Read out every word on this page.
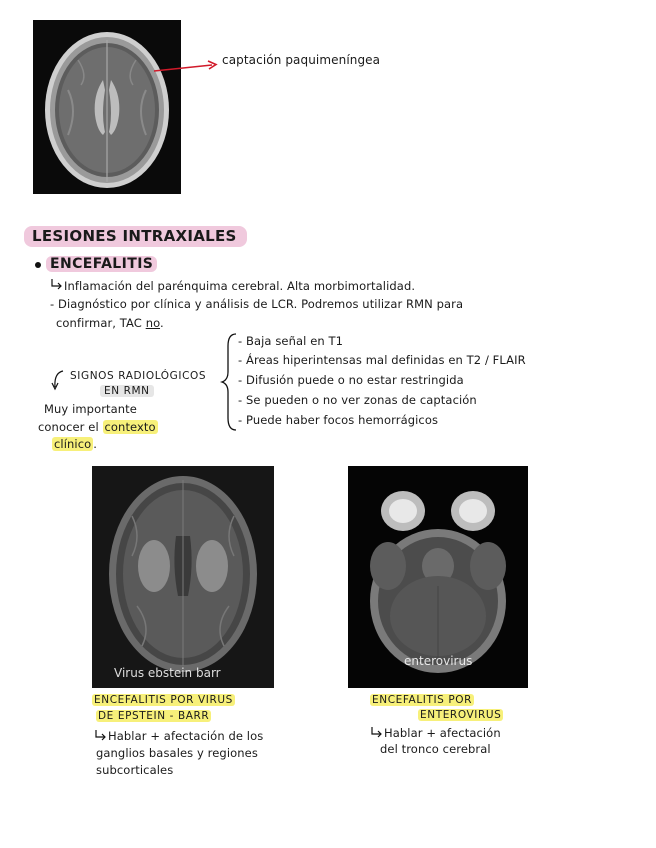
captación paquimeníngea
LESIONES INTRAXIALES
ENCEFALITIS
Inflamación del parénquima cerebral. Alta morbimortalidad.
- Diagnóstico por clínica y análisis de LCR. Podremos utilizar RMN para
confirmar, TAC no.
SIGNOS RADIOLÓGICOS
EN RMN
- Baja señal en T1
- Áreas hiperintensas mal definidas en T2 / FLAIR
- Difusión puede o no estar restringida
- Se pueden o no ver zonas de captación
- Puede haber focos hemorrágicos
Muy importante
conocer el contexto
clínico .
Virus ebstein barr
enterovirus
ENCEFALITIS POR VIRUS
DE EPSTEIN - BARR
Hablar + afectación de los
ganglios basales y regiones
subcorticales
ENCEFALITIS POR
ENTEROVIRUS
Hablar + afectación
del tronco cerebral
